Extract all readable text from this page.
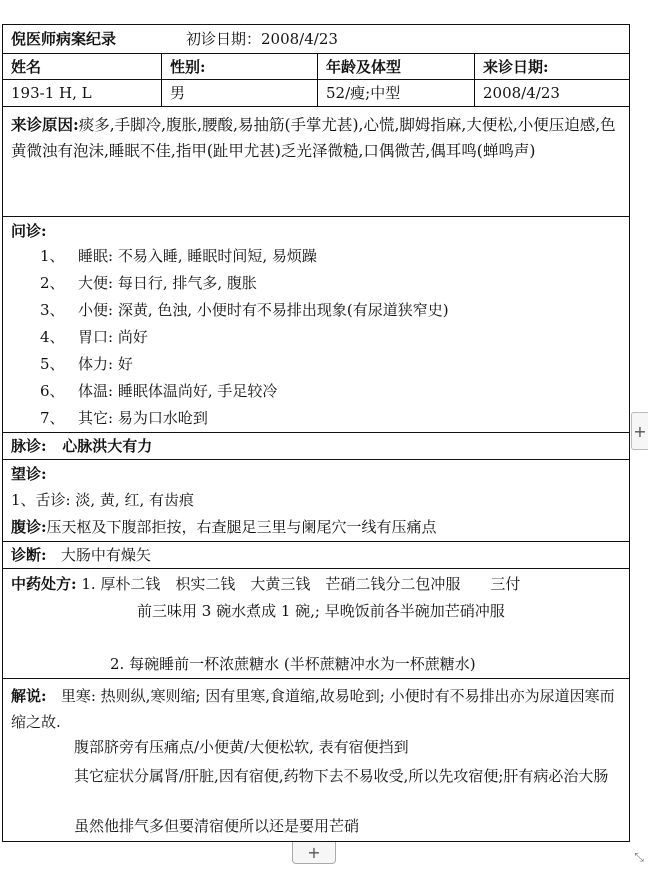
倪医师病案纪录	初诊日期：2008/4/23
姓名	性别:	年龄及体型	来诊日期:
193-1 H, L	男	52/瘦;中型	2008/4/23
来诊原因:痰多,手脚冷,腹胀,腰酸,易抽筋(手掌尤甚),心慌,脚姆指麻,大便松,小便压迫感,色黄微浊有泡沫,睡眠不佳,指甲(趾甲尤甚)乏光泽微糙,口偶微苦,偶耳鸣(蝉鸣声)
问诊:
1、 睡眠: 不易入睡, 睡眠时间短, 易烦躁
2、 大便: 每日行, 排气多, 腹胀
3、 小便: 深黄, 色浊, 小便时有不易排出现象(有尿道狭窄史)
4、 胃口: 尚好
5、 体力: 好
6、 体温: 睡眠体温尚好, 手足较冷
7、 其它: 易为口水呛到
脉诊: 心脉洪大有力
望诊:
1、舌诊: 淡, 黄, 红, 有齿痕
腹诊:压天枢及下腹部拒按，右查腿足三里与阑尾穴一线有压痛点
诊断: 大肠中有燥矢
中药处方: 1. 厚朴二钱　枳实二钱　大黄三钱　芒硝二钱分二包冲服　　三付
前三味用 3 碗水煮成 1 碗,; 早晚饭前各半碗加芒硝冲服
2. 每碗睡前一杯浓蔗糖水 (半杯蔗糖冲水为一杯蔗糖水)
解说: 里寒: 热则纵,寒则缩; 因有里寒,食道缩,故易呛到; 小便时有不易排出亦为尿道因寒而缩之故.
腹部脐旁有压痛点/小便黄/大便松软, 表有宿便挡到
其它症状分属肾/肝脏,因有宿便,药物下去不易收受,所以先攻宿便;肝有病必治大肠
虽然他排气多但要清宿便所以还是要用芒硝
+
+	⤡
